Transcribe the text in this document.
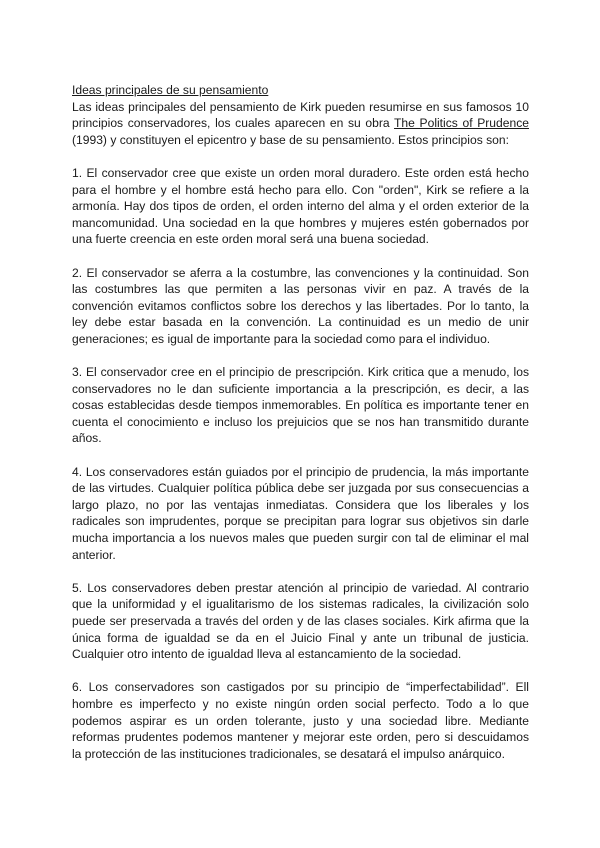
Ideas principales de su pensamiento

Las ideas principales del pensamiento de Kirk pueden resumirse en sus famosos 10 principios conservadores, los cuales aparecen en su obra The Politics of Prudence (1993) y constituyen el epicentro y base de su pensamiento. Estos principios son:

1. El conservador cree que existe un orden moral duradero. Este orden está hecho para el hombre y el hombre está hecho para ello. Con "orden", Kirk se refiere a la armonía. Hay dos tipos de orden, el orden interno del alma y el orden exterior de la mancomunidad. Una sociedad en la que hombres y mujeres estén gobernados por una fuerte creencia en este orden moral será una buena sociedad.

2. El conservador se aferra a la costumbre, las convenciones y la continuidad. Son las costumbres las que permiten a las personas vivir en paz. A través de la convención evitamos conflictos sobre los derechos y las libertades. Por lo tanto, la ley debe estar basada en la convención. La continuidad es un medio de unir generaciones; es igual de importante para la sociedad como para el individuo.

3. El conservador cree en el principio de prescripción. Kirk critica que a menudo, los conservadores no le dan suficiente importancia a la prescripción, es decir, a las cosas establecidas desde tiempos inmemorables. En política es importante tener en cuenta el conocimiento e incluso los prejuicios que se nos han transmitido durante años.

4. Los conservadores están guiados por el principio de prudencia, la más importante de las virtudes. Cualquier política pública debe ser juzgada por sus consecuencias a largo plazo, no por las ventajas inmediatas. Considera que los liberales y los radicales son imprudentes, porque se precipitan para lograr sus objetivos sin darle mucha importancia a los nuevos males que pueden surgir con tal de eliminar el mal anterior.

5. Los conservadores deben prestar atención al principio de variedad. Al contrario que la uniformidad y el igualitarismo de los sistemas radicales, la civilización solo puede ser preservada a través del orden y de las clases sociales. Kirk afirma que la única forma de igualdad se da en el Juicio Final y ante un tribunal de justicia. Cualquier otro intento de igualdad lleva al estancamiento de la sociedad.

6. Los conservadores son castigados por su principio de “imperfectabilidad”. Ell hombre es imperfecto y no existe ningún orden social perfecto. Todo a lo que podemos aspirar es un orden tolerante, justo y una sociedad libre. Mediante reformas prudentes podemos mantener y mejorar este orden, pero si descuidamos la protección de las instituciones tradicionales, se desatará el impulso anárquico.
